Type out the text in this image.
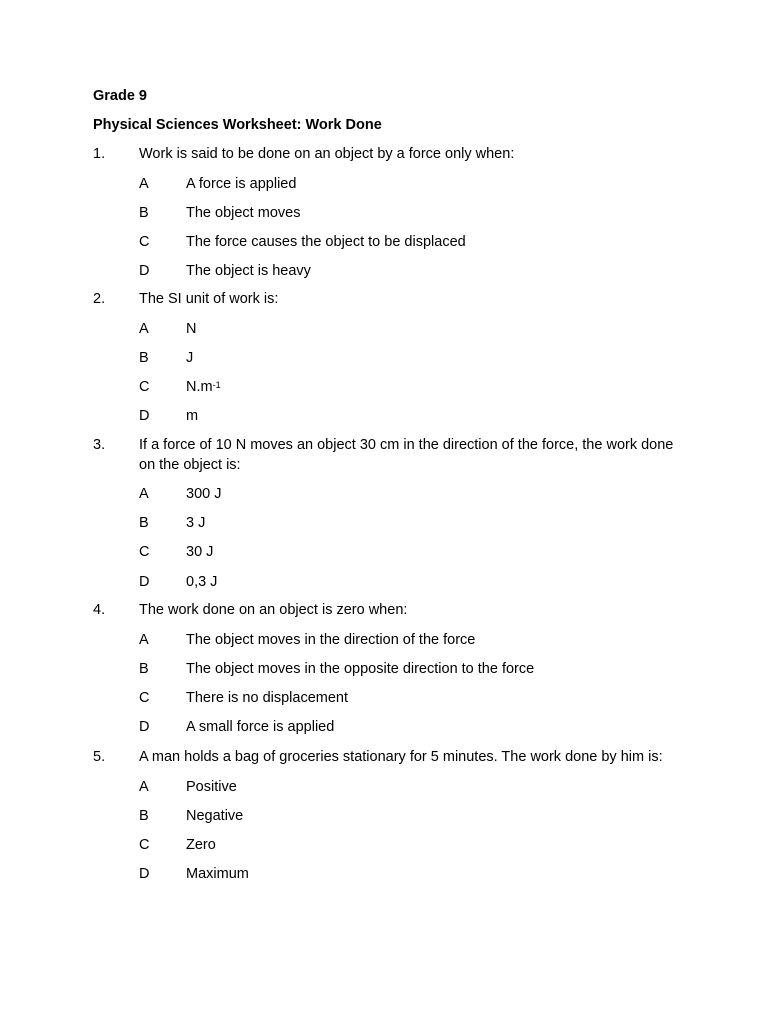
Grade 9
Physical Sciences Worksheet: Work Done
1. Work is said to be done on an object by a force only when:
A	A force is applied
B	The object moves
C	The force causes the object to be displaced
D	The object is heavy
2. The SI unit of work is:
A	N
B	J
C	$N.m^{-1}$
D	m
3. If a force of 10 N moves an object 30 cm in the direction of the force, the work done on the object is:
A	300 J
B	3 J
C	30 J
D	0,3 J
4. The work done on an object is zero when:
A	The object moves in the direction of the force
B	The object moves in the opposite direction to the force
C	There is no displacement
D	A small force is applied
5. A man holds a bag of groceries stationary for 5 minutes. The work done by him is:
A	Positive
B	Negative
C	Zero
D	Maximum
